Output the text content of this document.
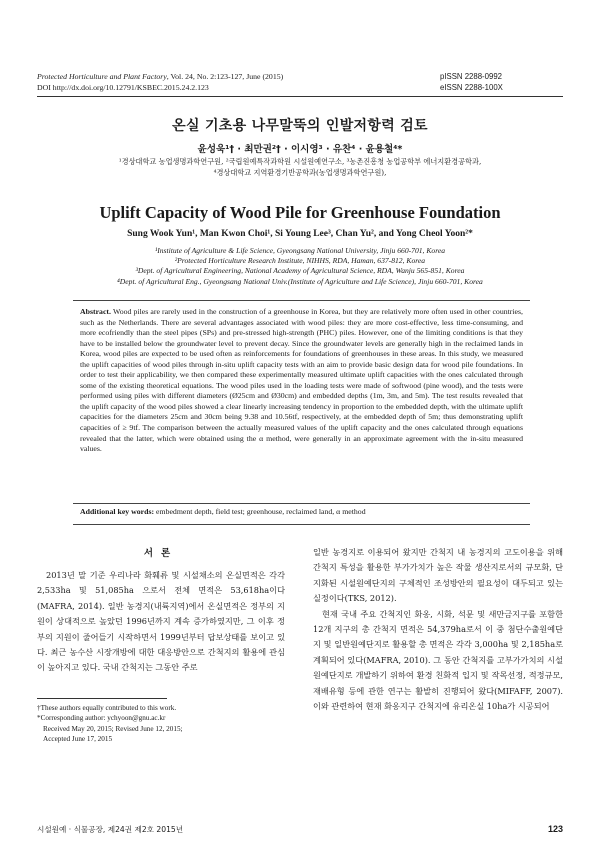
Protected Horticulture and Plant Factory, Vol. 24, No. 2:123-127, June (2015)
DOI http://dx.doi.org/10.12791/KSBEC.2015.24.2.123
pISSN 2288-0992
eISSN 2288-100X
온실 기초용 나무말뚝의 인발저항력 검토
윤성욱¹† · 최만권²† · 이시영³ · 유찬⁴ · 윤용철⁴*
¹경상대학교 농업생명과학연구원, ²국립원예특작과학원 시설원예연구소, ³농촌진흥청 농업공학부 에너지환경공학과,
⁴경상대학교 지역환경기반공학과(농업생명과학연구원),
Uplift Capacity of Wood Pile for Greenhouse Foundation
Sung Wook Yun¹, Man Kwon Choi¹, Si Young Lee³, Chan Yu², and Yong Cheol Yoon²*
¹Institute of Agriculture & Life Science, Gyeongsang National University, Jinju 660-701, Korea
²Protected Horticulture Research Institute, NIHHS, RDA, Haman, 637-812, Korea
³Dept. of Agricultural Engineering, National Academy of Agricultural Science, RDA, Wanju 565-851, Korea
⁴Dept. of Agricultural Eng., Gyeongsang National Univ.(Institute of Agriculture and Life Science), Jinju 660-701, Korea
Abstract. Wood piles are rarely used in the construction of a greenhouse in Korea, but they are relatively more often used in other countries, such as the Netherlands. There are several advantages associated with wood piles: they are more cost-effective, less time-consuming, and more ecofriendly than the steel pipes (SPs) and pre-stressed high-strength (PHC) piles. However, one of the limiting conditions is that they have to be installed below the groundwater level to prevent decay. Since the groundwater levels are generally high in the reclaimed lands in Korea, wood piles are expected to be used often as reinforcements for foundations of greenhouses in these areas. In this study, we measured the uplift capacities of wood piles through in-situ uplift capacity tests with an aim to provide basic design data for wood pile foundations. In order to test their applicability, we then compared these experimentally measured ultimate uplift capacities with the ones calculated through some of the existing theoretical equations. The wood piles used in the loading tests were made of softwood (pine wood), and the tests were performed using piles with different diameters (Ø25cm and Ø30cm) and embedded depths (1m, 3m, and 5m). The test results revealed that the uplift capacity of the wood piles showed a clear linearly increasing tendency in proportion to the embedded depth, with the ultimate uplift capacities for the diameters 25cm and 30cm being 9.38 and 10.56tf, respectively, at the embedded depth of 5m; thus demonstrating uplift capacities of ≥ 9tf. The comparison between the actually measured values of the uplift capacity and the ones calculated through equations revealed that the latter, which were obtained using the α method, were generally in an approximate agreement with the in-situ measured values.
Additional key words: embedment depth, field test; greenhouse, reclaimed land, α method
서론

2013년 말 기준 우리나라 화훼류 및 시설채소의 온실면적은 각각 2,533ha 및 51,085ha 으로서 전체 면적은 53,618ha이다(MAFRA, 2014). 일반 농경지(내륙지역)에서 온실면적은 정부의 지원이 상대적으로 높았던 1996년까지 계속 증가하였지만, 그 이후 정부의 지원이 줄어들기 시작하면서 1999년부터 답보상태를 보이고 있다. 최근 농수산 시장개방에 대한 대응방안으로 간척지의 활용에 관심이 높아지고 있다. 국내 간척지는 그동안 주로

일반 농경지로 이용되어 왔지만 간척지 내 농경지의 고도이용을 위해 간척지 특성을 활용한 부가가치가 높은 작물 생산지로서의 규모화, 단지화된 시설원예단지의 구체적인 조성방안의 필요성이 대두되고 있는 실정이다(TKS, 2012).

현재 국내 주요 간척지인 화옹, 시화, 석문 및 새만금지구를 포함한 12개 지구의 총 간척지 면적은 54,379ha로서 이 중 첨단수출원예단지 및 일반원예단지로 활용할 총 면적은 각각 3,000ha 및 2,185ha로 계획되어 있다(MAFRA, 2010). 그 동안 간척지를 고부가가치의 시설원예단지로 개발하기 위하여 환경 친화적 입지 및 작목선정, 적정규모, 재배유형 등에 관한 연구는 활발히 진행되어 왔다(MIFAFF, 2007). 이와 관련하여 현재 화옹지구 간척지에 유리온실 10ha가 시공되어

†These authors equally contributed to this work.
*Corresponding author: ychyoon@gnu.ac.kr
Received May 20, 2015; Revised June 12, 2015;
Accepted June 17, 2015
시설원예 · 식물공장, 제24권 제2호 2015년	123
